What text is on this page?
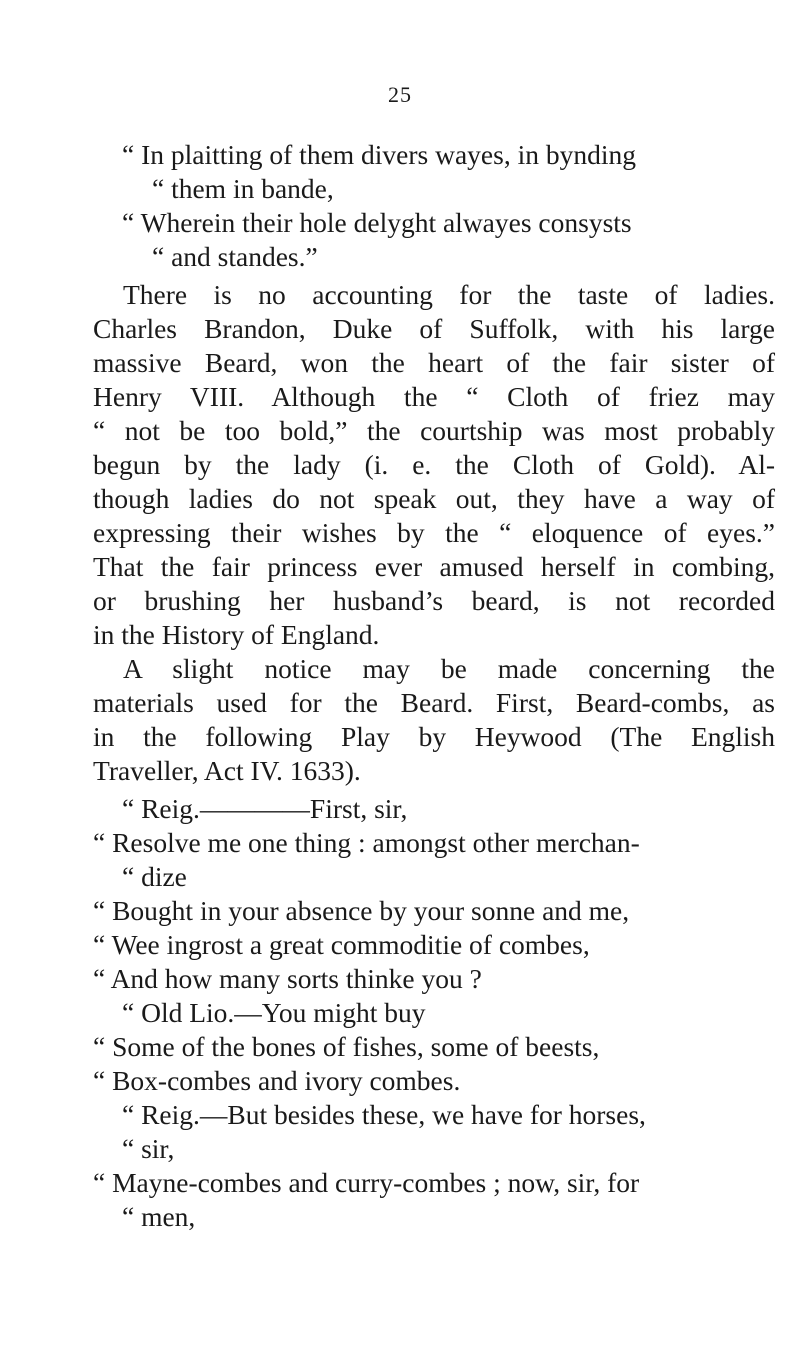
25
“ In plaitting of them divers wayes, in bynding
“ them in bande,
“ Wherein their hole delyght alwayes consysts
“ and standes.”
There is no accounting for the taste of ladies.
Charles Brandon, Duke of Suffolk, with his large
massive Beard, won the heart of the fair sister of
Henry VIII. Although the “ Cloth of friez may
“ not be too bold,” the courtship was most probably
begun by the lady (i. e. the Cloth of Gold). Al-
though ladies do not speak out, they have a way of
expressing their wishes by the “ eloquence of eyes.”
That the fair princess ever amused herself in combing,
or brushing her husband’s beard, is not recorded
in the History of England.
A slight notice may be made concerning the
materials used for the Beard. First, Beard-combs, as
in the following Play by Heywood (The English
Traveller, Act IV. 1633).
“ Reig.————First, sir,
“ Resolve me one thing : amongst other merchan-
“ dize
“ Bought in your absence by your sonne and me,
“ Wee ingrost a great commoditie of combes,
“ And how many sorts thinke you ?
“ Old Lio.—You might buy
“ Some of the bones of fishes, some of beests,
“ Box-combes and ivory combes.
“ Reig.—But besides these, we have for horses,
“ sir,
“ Mayne-combes and curry-combes ; now, sir, for
“ men,
